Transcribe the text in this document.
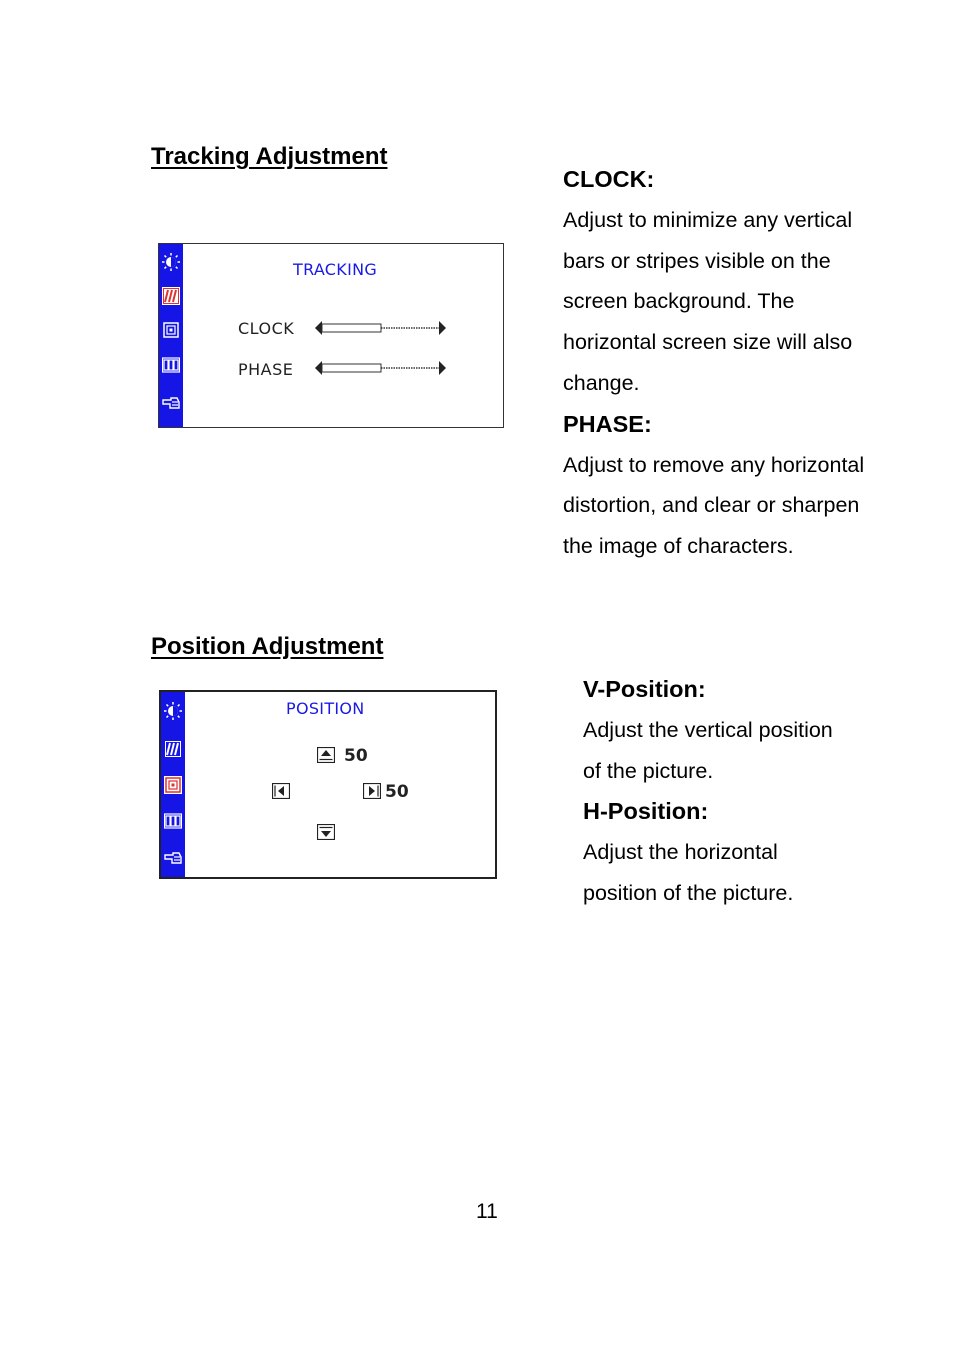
Tracking Adjustment
TRACKING
CLOCK
PHASE
CLOCK:
Adjust to minimize any vertical
bars or stripes visible on the
screen background. The
horizontal screen size will also
change.
PHASE:
Adjust to remove any horizontal
distortion, and clear or sharpen
the image of characters.
Position Adjustment
POSITION
50
50
V-Position:
Adjust the vertical position
of the picture.
H-Position:
Adjust the horizontal
position of the picture.
11
